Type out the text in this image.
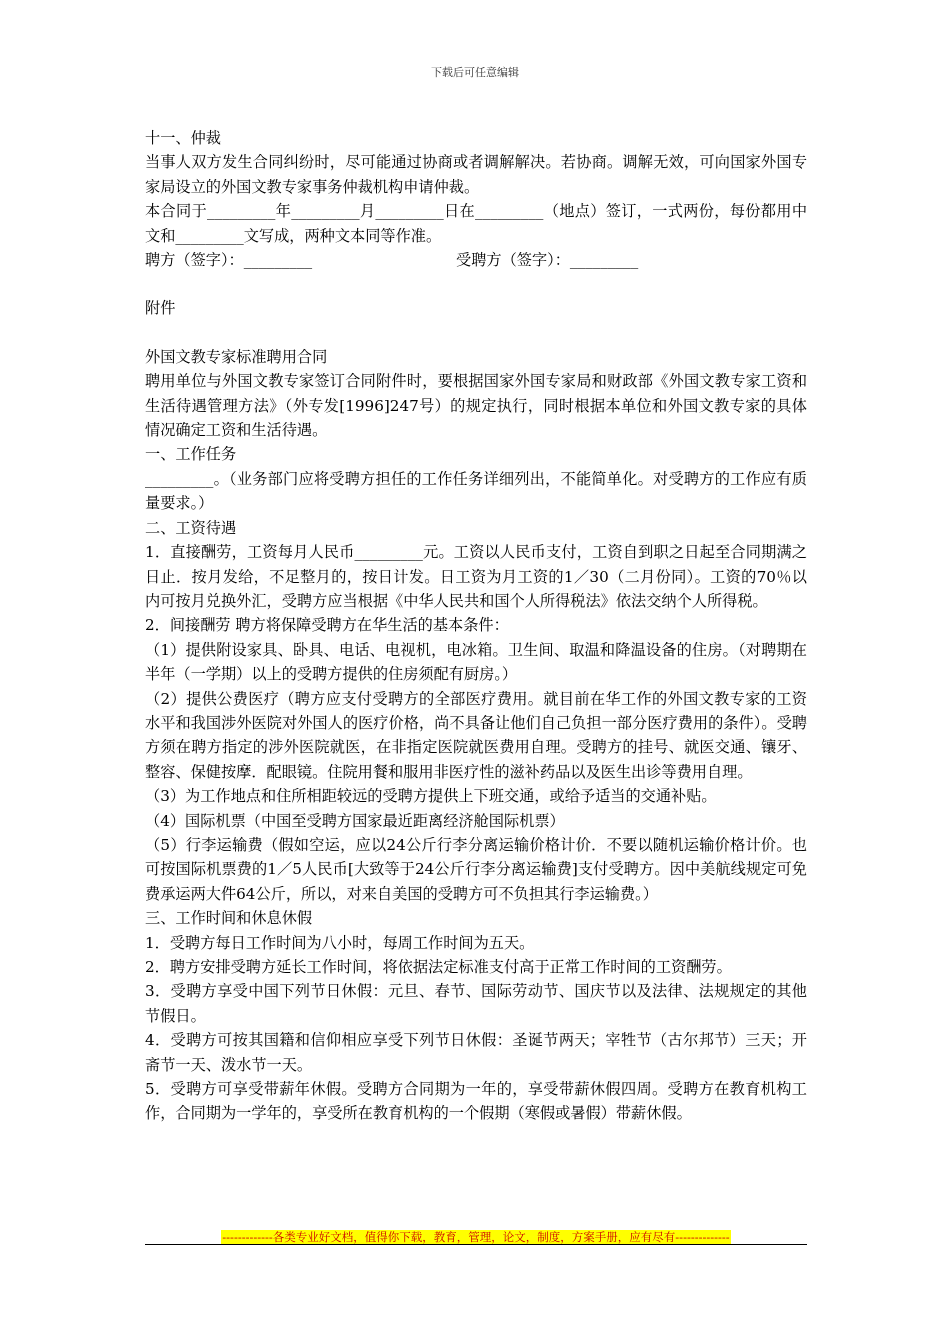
下载后可任意编辑

十一、仲裁

当事人双方发生合同纠纷时，尽可能通过协商或者调解解决。若协商。调解无效，可向国家外国专家局设立的外国文教专家事务仲裁机构申请仲裁。

本合同于_________年_________月_________日在_________（地点）签订，一式两份，每份都用中文和_________文写成，两种文本同等作准。

聘方（签字）：_________	受聘方（签字）：_________

附件

外国文教专家标准聘用合同

聘用单位与外国文教专家签订合同附件时，要根据国家外国专家局和财政部《外国文教专家工资和生活待遇管理方法》（外专发[1996]247号）的规定执行，同时根据本单位和外国文教专家的具体情况确定工资和生活待遇。

一、工作任务

_________。（业务部门应将受聘方担任的工作任务详细列出，不能简单化。对受聘方的工作应有质量要求。）

二、工资待遇

1．直接酬劳，工资每月人民币_________元。工资以人民币支付，工资自到职之日起至合同期满之日止．按月发给，不足整月的，按日计发。日工资为月工资的1／30（二月份同）。工资的70％以内可按月兑换外汇，受聘方应当根据《中华人民共和国个人所得税法》依法交纳个人所得税。

2．间接酬劳 聘方将保障受聘方在华生活的基本条件：

（1）提供附设家具、卧具、电话、电视机，电冰箱。卫生间、取温和降温设备的住房。（对聘期在半年（一学期）以上的受聘方提供的住房须配有厨房。）

（2）提供公费医疗（聘方应支付受聘方的全部医疗费用。就目前在华工作的外国文教专家的工资水平和我国涉外医院对外国人的医疗价格，尚不具备让他们自己负担一部分医疗费用的条件）。受聘方须在聘方指定的涉外医院就医，在非指定医院就医费用自理。受聘方的挂号、就医交通、镶牙、整容、保健按摩．配眼镜。住院用餐和服用非医疗性的滋补药品以及医生出诊等费用自理。

（3）为工作地点和住所相距较远的受聘方提供上下班交通，或给予适当的交通补贴。

（4）国际机票（中国至受聘方国家最近距离经济舱国际机票）

（5）行李运输费（假如空运，应以24公斤行李分离运输价格计价．不要以随机运输价格计价。也可按国际机票费的1／5人民币[大致等于24公斤行李分离运输费]支付受聘方。因中美航线规定可免费承运两大件64公斤，所以，对来自美国的受聘方可不负担其行李运输费。）

三、工作时间和休息休假

1．受聘方每日工作时间为八小时，每周工作时间为五天。

2．聘方安排受聘方延长工作时间，将依据法定标准支付高于正常工作时间的工资酬劳。

3．受聘方享受中国下列节日休假：元旦、春节、国际劳动节、国庆节以及法律、法规规定的其他节假日。

4．受聘方可按其国籍和信仰相应享受下列节日休假：圣诞节两天；宰牲节（古尔邦节）三天；开斋节一天、泼水节一天。

5．受聘方可享受带薪年休假。受聘方合同期为一年的，享受带薪休假四周。受聘方在教育机构工作，合同期为一学年的，享受所在教育机构的一个假期（寒假或暑假）带薪休假。

-------------各类专业好文档，值得你下载，教育，管理，论文，制度，方案手册，应有尽有--------------
